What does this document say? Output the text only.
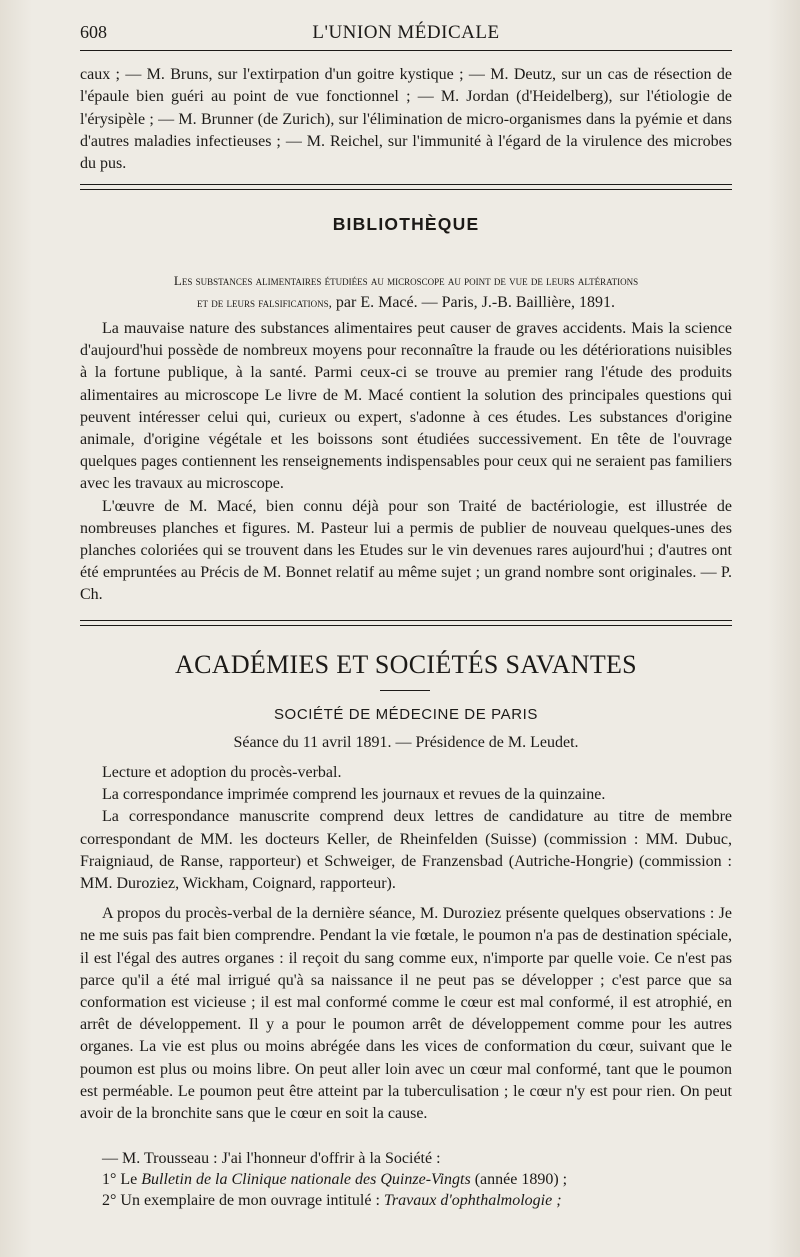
608	L'UNION MÉDICALE

caux ; — M. Bruns, sur l'extirpation d'un goitre kystique ; — M. Deutz, sur un cas de résection de l'épaule bien guéri au point de vue fonctionnel ; — M. Jordan (d'Heidelberg), sur l'étiologie de l'érysipèle ; — M. Brunner (de Zurich), sur l'élimination de micro-organismes dans la pyémie et dans d'autres maladies infectieuses ; — M. Reichel, sur l'immunité à l'égard de la virulence des microbes du pus.

BIBLIOTHÈQUE
Les substances alimentaires étudiées au microscope au point de vue de leurs altérations
et de leurs falsifications, par E. Macé. — Paris, J.-B. Baillière, 1891.

La mauvaise nature des substances alimentaires peut causer de graves accidents. Mais la science d'aujourd'hui possède de nombreux moyens pour reconnaître la fraude ou les détériorations nuisibles à la fortune publique, à la santé. Parmi ceux-ci se trouve au premier rang l'étude des produits alimentaires au microscope Le livre de M. Macé contient la solution des principales questions qui peuvent intéresser celui qui, curieux ou expert, s'adonne à ces études. Les substances d'origine animale, d'origine végétale et les boissons sont étudiées successivement. En tête de l'ouvrage quelques pages contiennent les renseignements indispensables pour ceux qui ne seraient pas familiers avec les travaux au microscope.

L'œuvre de M. Macé, bien connu déjà pour son Traité de bactériologie, est illustrée de nombreuses planches et figures. M. Pasteur lui a permis de publier de nouveau quelques-unes des planches coloriées qui se trouvent dans les Etudes sur le vin devenues rares aujourd'hui ; d'autres ont été empruntées au Précis de M. Bonnet relatif au même sujet ; un grand nombre sont originales. — P. Ch.

ACADÉMIES ET SOCIÉTÉS SAVANTES
SOCIÉTÉ DE MÉDECINE DE PARIS
Séance du 11 avril 1891. — Présidence de M. Leudet.

Lecture et adoption du procès-verbal.

La correspondance imprimée comprend les journaux et revues de la quinzaine.

La correspondance manuscrite comprend deux lettres de candidature au titre de membre correspondant de MM. les docteurs Keller, de Rheinfelden (Suisse) (commission : MM. Dubuc, Fraigniaud, de Ranse, rapporteur) et Schweiger, de Franzensbad (Autriche-Hongrie) (commission : MM. Duroziez, Wickham, Coignard, rapporteur).

A propos du procès-verbal de la dernière séance, M. Duroziez présente quelques observations : Je ne me suis pas fait bien comprendre. Pendant la vie fœtale, le poumon n'a pas de destination spéciale, il est l'égal des autres organes : il reçoit du sang comme eux, n'importe par quelle voie. Ce n'est pas parce qu'il a été mal irrigué qu'à sa naissance il ne peut pas se développer ; c'est parce que sa conformation est vicieuse ; il est mal conformé comme le cœur est mal conformé, il est atrophié, en arrêt de développement. Il y a pour le poumon arrêt de développement comme pour les autres organes. La vie est plus ou moins abrégée dans les vices de conformation du cœur, suivant que le poumon est plus ou moins libre. On peut aller loin avec un cœur mal conformé, tant que le poumon est perméable. Le poumon peut être atteint par la tuberculisation ; le cœur n'y est pour rien. On peut avoir de la bronchite sans que le cœur en soit la cause.

— M. Trousseau : J'ai l'honneur d'offrir à la Société :
1° Le Bulletin de la Clinique nationale des Quinze-Vingts (année 1890) ;
2° Un exemplaire de mon ouvrage intitulé : Travaux d'ophthalmologie ;
